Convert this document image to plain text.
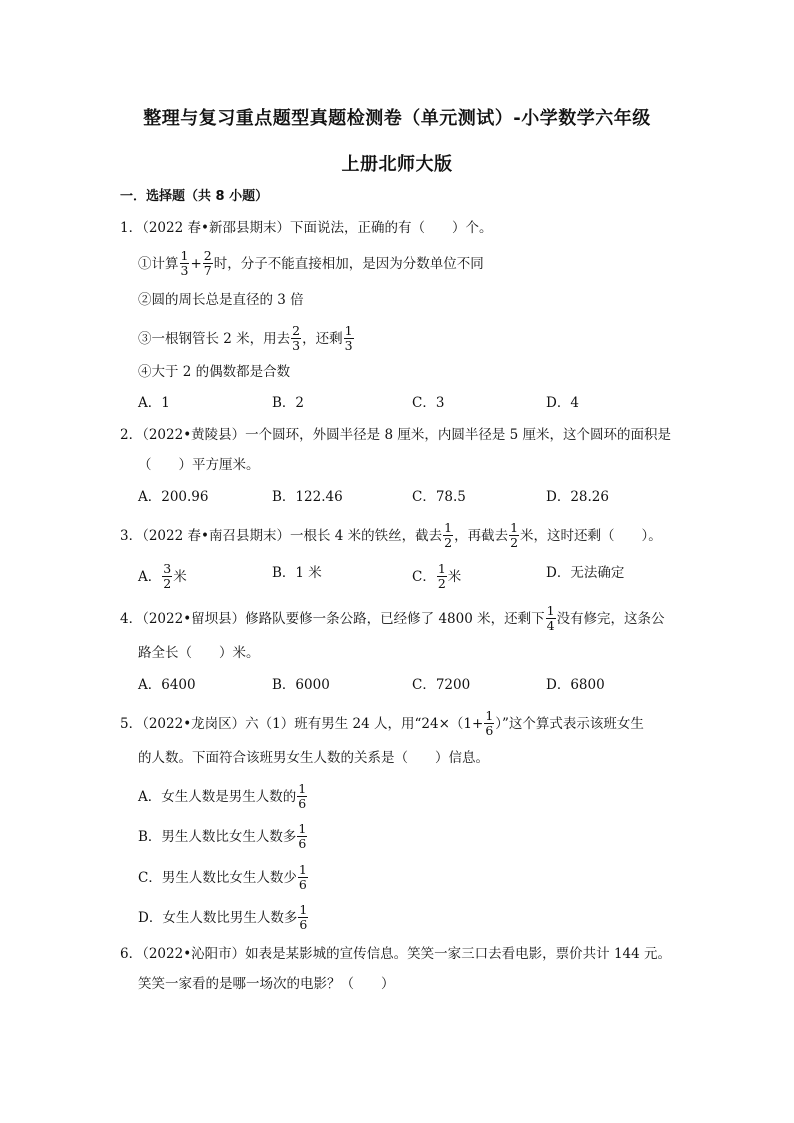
整理与复习重点题型真题检测卷（单元测试）-小学数学六年级
上册北师大版
一．选择题（共 8 小题）
1．（2022 春•新邵县期末）下面说法，正确的有（　　）个。
①计算 $\frac{1}{3} + \frac{2}{7}$ 时，分子不能直接相加，是因为分数单位不同
②圆的周长总是直径的 3 倍
③一根钢管长 2 米，用去 $\frac{2}{3}$ ，还剩 $\frac{1}{3}$
④大于 2 的偶数都是合数
A．1	B．2	C．3	D．4
2．（2022•黄陵县）一个圆环，外圆半径是 8 厘米，内圆半径是 5 厘米，这个圆环的面积是
（　　）平方厘米。
A．200.96	B．122.46	C．78.5	D．28.26
3．（2022 春•南召县期末）一根长 4 米的铁丝，截去 $\frac{1}{2}$ ，再截去 $\frac{1}{2}$ 米，这时还剩（　　）。
A． $\frac{3}{2}$ 米	B．1 米	C． $\frac{1}{2}$ 米	D．无法确定
4．（2022•留坝县）修路队要修一条公路，已经修了 4800 米，还剩下 $\frac{1}{4}$ 没有修完，这条公
路全长（　　）米。
A．6400	B．6000	C．7200	D．6800
5．（2022•龙岗区）六（1）班有男生 24 人，用“$24\times(1+ \frac{1}{6}$ ）”这个算式表示该班女生
的人数。下面符合该班男女生人数的关系是（　　）信息。
A．女生人数是男生人数的 $\frac{1}{6}$
B．男生人数比女生人数多 $\frac{1}{6}$
C．男生人数比女生人数少 $\frac{1}{6}$
D．女生人数比男生人数多 $\frac{1}{6}$
6．（2022•沁阳市）如表是某影城的宣传信息。笑笑一家三口去看电影，票价共计 144 元。
笑笑一家看的是哪一场次的电影？（　　）
